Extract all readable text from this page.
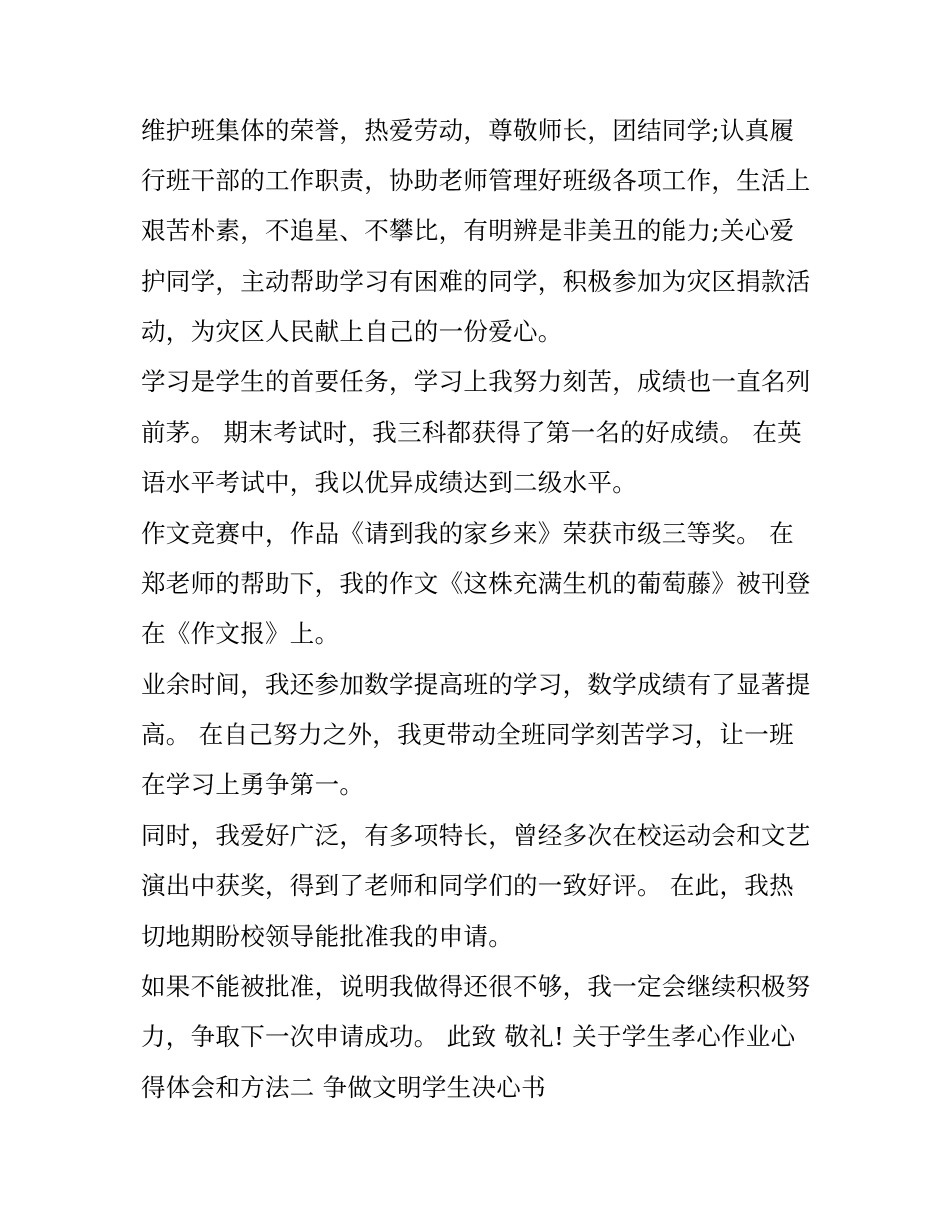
维护班集体的荣誉，热爱劳动，尊敬师长，团结同学;认真履
行班干部的工作职责，协助老师管理好班级各项工作，生活上
艰苦朴素，不追星、不攀比，有明辨是非美丑的能力;关心爱
护同学，主动帮助学习有困难的同学，积极参加为灾区捐款活
动，为灾区人民献上自己的一份爱心。
学习是学生的首要任务，学习上我努力刻苦，成绩也一直名列
前茅。 期末考试时，我三科都获得了第一名的好成绩。 在英
语水平考试中，我以优异成绩达到二级水平。
作文竞赛中，作品《请到我的家乡来》荣获市级三等奖。 在
郑老师的帮助下，我的作文《这株充满生机的葡萄藤》被刊登
在《作文报》上。
业余时间，我还参加数学提高班的学习，数学成绩有了显著提
高。 在自己努力之外，我更带动全班同学刻苦学习，让一班
在学习上勇争第一。
同时，我爱好广泛，有多项特长，曾经多次在校运动会和文艺
演出中获奖，得到了老师和同学们的一致好评。 在此，我热
切地期盼校领导能批准我的申请。
如果不能被批准，说明我做得还很不够，我一定会继续积极努
力，争取下一次申请成功。 此致 敬礼! 关于学生孝心作业心
得体会和方法二 争做文明学生决心书
